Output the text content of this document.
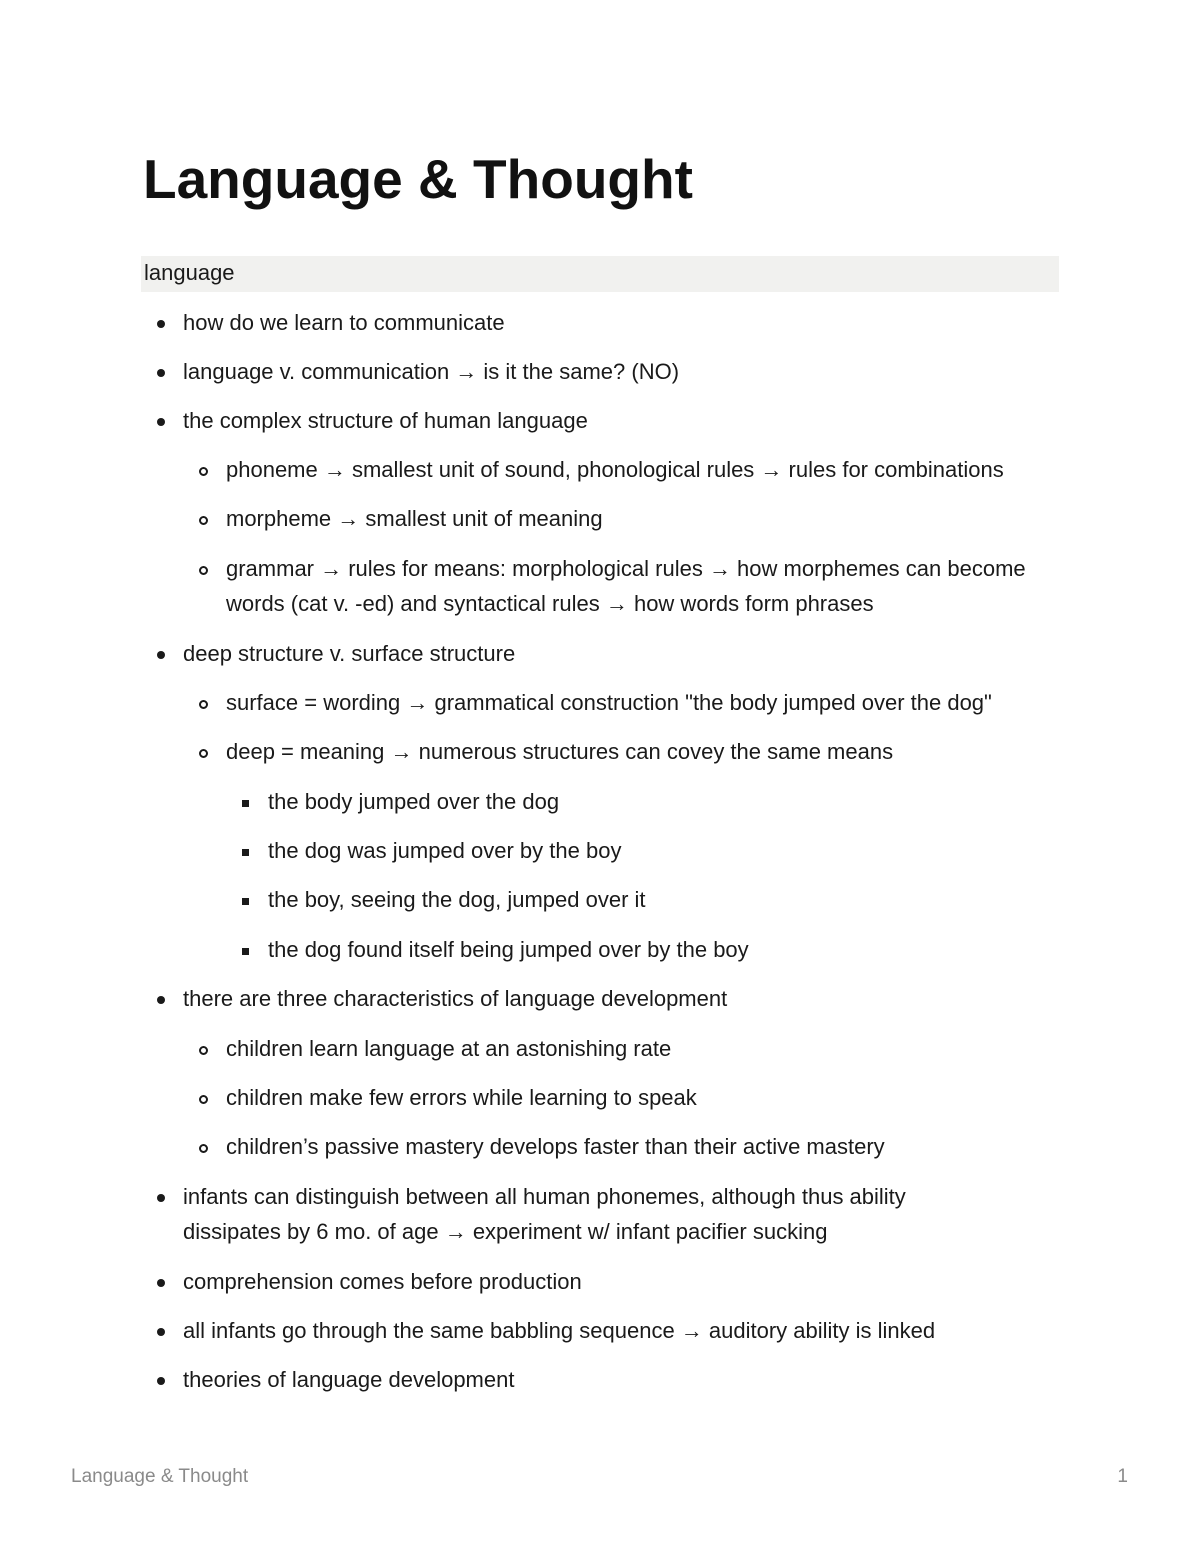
Language & Thought
language
how do we learn to communicate
language v. communication → is it the same? (NO)
the complex structure of human language
phoneme → smallest unit of sound, phonological rules → rules for combinations
morpheme → smallest unit of meaning
grammar → rules for means: morphological rules → how morphemes can become words (cat v. -ed) and syntactical rules → how words form phrases
deep structure v. surface structure
surface = wording → grammatical construction "the body jumped over the dog"
deep = meaning → numerous structures can covey the same means
the body jumped over the dog
the dog was jumped over by the boy
the boy, seeing the dog, jumped over it
the dog found itself being jumped over by the boy
there are three characteristics of language development
children learn language at an astonishing rate
children make few errors while learning to speak
children’s passive mastery develops faster than their active mastery
infants can distinguish between all human phonemes, although thus ability dissipates by 6 mo. of age → experiment w/ infant pacifier sucking
comprehension comes before production
all infants go through the same babbling sequence → auditory ability is linked
theories of language development
Language & Thought	1
